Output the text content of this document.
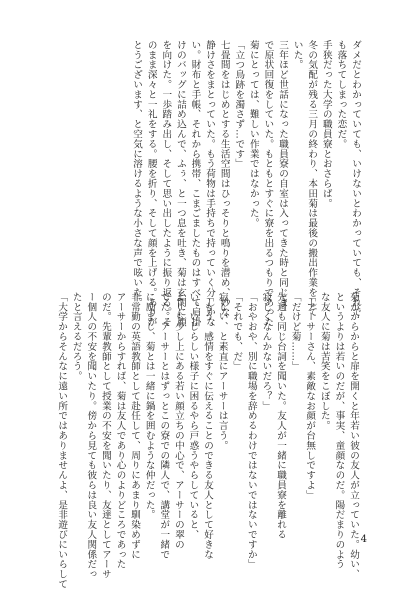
ダメだとわかっていても、いけないとわかっていても、それで

も落ちてしまった恋だ。

手狭だった大学の職員寮とおさらば。

冬の気配が残る三月の終わり、本田菊は最後の搬出作業をして

いた。

三年ほど世話になった職員寮の自室は入ってきた時と同じま

で原状回復をしていた。もともとすぐに寮を出るつもりであった

菊にとっては、難しい作業ではなかった。

「立つ鳥跡を濁さず…です」

七畳間をはじめとする生活空間はひっそりと鳴りを潜め、妙な

静けさをまとっていた。もう荷物は手持ちで持っていく分しかな

い。財布と手帳、それから携帯、こまごましたものはすべて肩掛

けのバッグに詰め込んで、ふぅ、と一つ息を吐き、菊は玄関に顔

を向けた。一歩踏み出し、そして思い出したように振り返る。そ

のまま深々と一礼をする。腰を折り、そして顔を上げる。ありが

とうございます、と空気に溶けるような小さな声で呟いた。

菊がからからと扉を開くと年若い彼の友人が立っていた。幼い、

というよりは若いのだが、事実、童顔なのだ。陽だまりのよう

な友人に菊は苦笑をこぼした。

「アーサーさん、素敵なお顔が台無しですよ」

「だけど菊……」

先週も同じ台詞を聞いた。友人が一緒に職員寮を離れる

寂しくなんかないだろ？」

「おやおや、別に職場を辞めるわけではないではないですか」

「それでも、だ」

寂しい、と素直にアーサーは言う。

「もう、感情をすぐに伝えることのできる友人として好きな

い。いじらしい様子に困るやら戸惑うやらしていると、

よりも少し上にある若い顔立ちの中心で、アーサーの翠の

でた。アーサーとはずっとこの寮での隣人で、講堂が一緒で

に励まし、菊とは一緒に鍋を囲むような仲だった。

非常勤の英語教師として赴任して、周りにあまり馴染めずに

アーサーからすれば、菊は友人であり心のよりどころであった

のだ。先輩教師として授業の不安を聞いたり、友達としてアーサ

ー個人の不安を聞いたり。傍から見ても彼らは良い友人関係だっ

たと言えるだろう。

「大学からそんなに遠い所ではありませんよ、是非遊びにいらして	4
